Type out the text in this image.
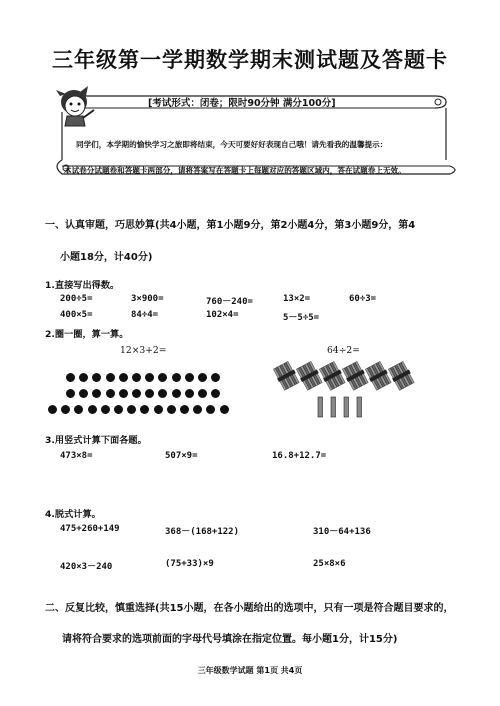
三年级第一学期数学期末测试题及答题卡
[考试形式：闭卷；限时90分钟 满分100分]
同学们，本学期的愉快学习之旅即将结束，今天可要好好表现自己哦！请先看我的温馨提示：
本试卷分试题卷和答题卡两部分，请将答案写在答题卡上每题对应的答题区域内，答在试题卷上无效。
一、认真审题，巧思妙算(共4小题，第1小题9分，第2小题4分，第3小题9分，第4
小题18分，计40分)
1.直接写出得数。
200÷5=	3×900=	760－240=	13×2=	60÷3=
400×5=	84÷4=	102×4=	5－5÷5=
2.圈一圈，算一算。
12×3+2=	64÷2=
3.用竖式计算下面各题。
473×8=	507×9=	16.8+12.7=
4.脱式计算。
475+260+149	368－(168+122)	310－64+136
420×3－240	(75+33)×9	25×8×6
二、反复比较，慎重选择(共15小题，在各小题给出的选项中，只有一项是符合题目要求的，
请将符合要求的选项前面的字母代号填涂在指定位置。每小题1分，计15分)
三年级数学试题 第1页 共4页
